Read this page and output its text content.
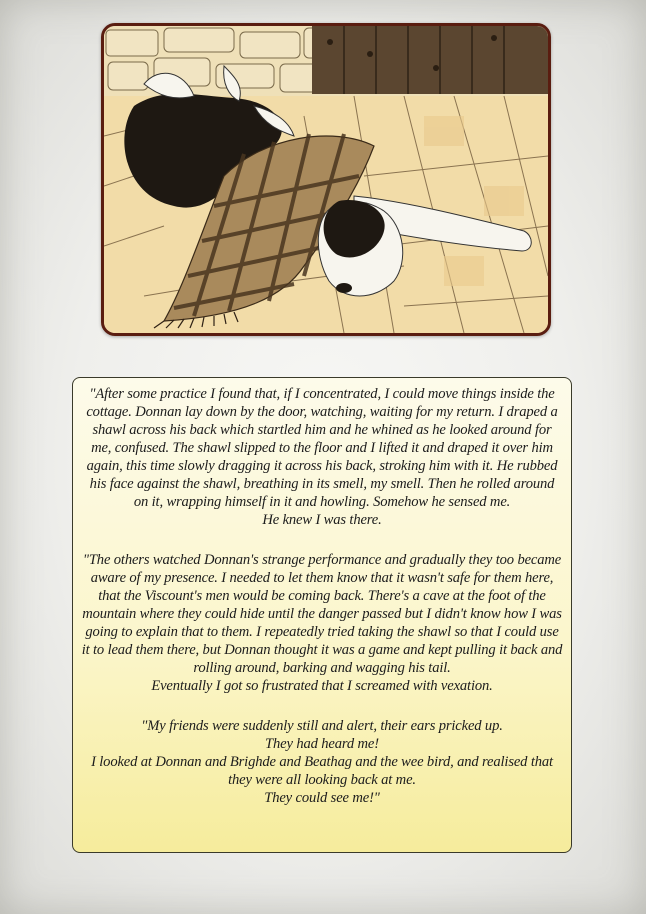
"After some practice I found that, if I concentrated, I could move things inside the cottage. Donnan lay down by the door, watching, waiting for my return. I draped a shawl across his back which startled him and he whined as he looked around for me, confused. The shawl slipped to the floor and I lifted it and draped it over him again, this time slowly dragging it across his back, stroking him with it. He rubbed his face against the shawl, breathing in its smell, my smell. Then he rolled around on it, wrapping himself in it and howling. Somehow he sensed me.

He knew I was there.

"The others watched Donnan's strange performance and gradually they too became aware of my presence. I needed to let them know that it wasn't safe for them here, that the Viscount's men would be coming back. There's a cave at the foot of the mountain where they could hide until the danger passed but I didn't know how I was going to explain that to them. I repeatedly tried taking the shawl so that I could use it to lead them there, but Donnan thought it was a game and kept pulling it back and rolling around, barking and wagging his tail.

Eventually I got so frustrated that I screamed with vexation.

"My friends were suddenly still and alert, their ears pricked up.

They had heard me!

I looked at Donnan and Brighde and Beathag and the wee bird, and realised that they were all looking back at me.

They could see me!"
